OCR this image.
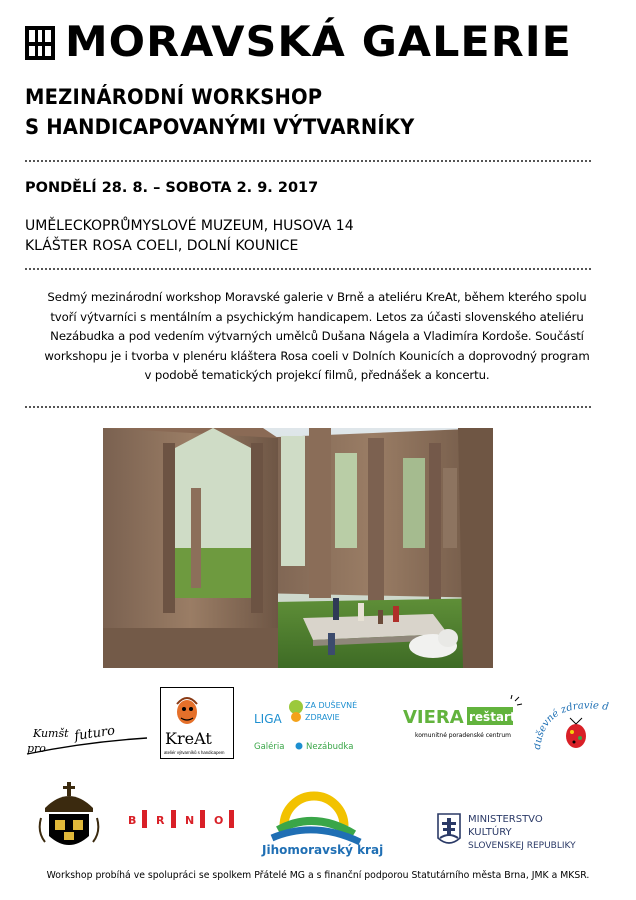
MORAVSKÁ GALERIE
MEZINÁRODNÍ WORKSHOP
S HANDICAPOVANÝMI VÝTVARNÍKY
PONDĚLÍ 28. 8. – SOBOTA 2. 9. 2017
UMĚLECKOPRŮMYSLOVÉ MUZEUM, HUSOVA 14
KLÁŠTER ROSA COELI, DOLNÍ KOUNICE
Sedmý mezinárodní workshop Moravské galerie v Brně a ateliéru KreAt, během kterého spolu
tvoří výtvarníci s mentálním a psychickým handicapem. Letos za účasti slovenského ateliéru
Nezábudka a pod vedením výtvarných umělců Dušana Nágela a Vladimíra Kordoše. Součástí
workshopu je i tvorba v plenéru kláštera Rosa coeli v Dolních Kounicích a doprovodný program
v podobě tematických projekcí filmů, přednášek a koncertu.
Kumšt
pro
futuro	KreAt
ateliér výtvarníků s handicapem
LIGA
ZA DUŠEVNÉ
ZDRAVIE
Galéria	Nezábudka
VIERA reštart
komunitné poradenské centrum uševné zdravie d
B R N O
Jihomoravský kraj
MINISTERSTVO
KULTÚRY
SLOVENSKEJ REPUBLIKY
Workshop probíhá ve spolupráci se spolkem Přátelé MG a s finanční podporou Statutárního města Brna, JMK a MKSR.
